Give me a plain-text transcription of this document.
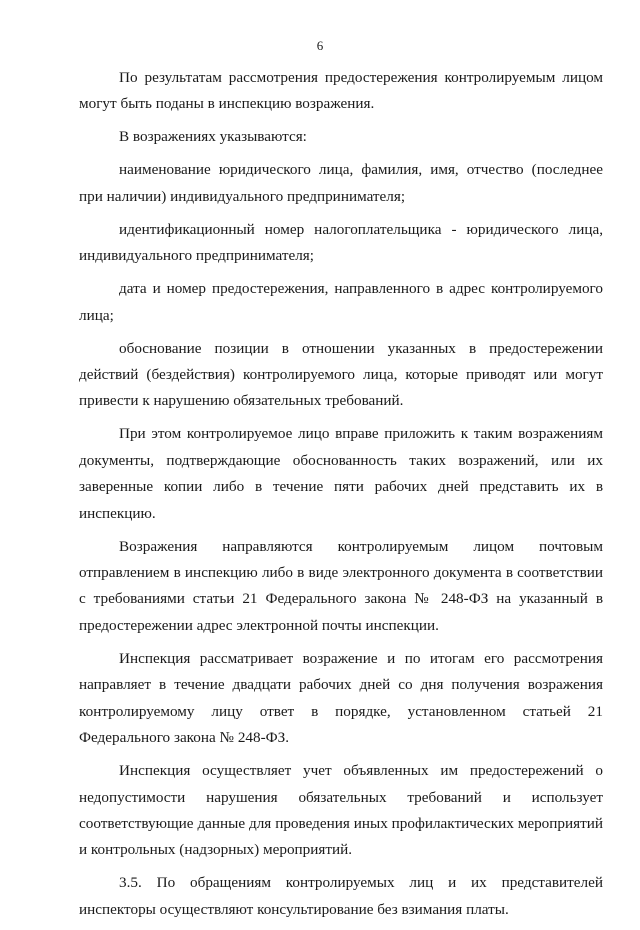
6

По результатам рассмотрения предостережения контролируемым лицом могут быть поданы в инспекцию возражения.

В возражениях указываются:

наименование юридического лица, фамилия, имя, отчество (последнее при наличии) индивидуального предпринимателя;

идентификационный номер налогоплательщика - юридического лица, индивидуального предпринимателя;

дата и номер предостережения, направленного в адрес контролируемого лица;

обоснование позиции в отношении указанных в предостережении действий (бездействия) контролируемого лица, которые приводят или могут привести к нарушению обязательных требований.

При этом контролируемое лицо вправе приложить к таким возражениям документы, подтверждающие обоснованность таких возражений, или их заверенные копии либо в течение пяти рабочих дней представить их в инспекцию.

Возражения направляются контролируемым лицом почтовым отправлением в инспекцию либо в виде электронного документа в соответствии с требованиями статьи 21 Федерального закона № 248-ФЗ на указанный в предостережении адрес электронной почты инспекции.

Инспекция рассматривает возражение и по итогам его рассмотрения направляет в течение двадцати рабочих дней со дня получения возражения контролируемому лицу ответ в порядке, установленном статьей 21 Федерального закона № 248-ФЗ.

Инспекция осуществляет учет объявленных им предостережений о недопустимости нарушения обязательных требований и использует соответствующие данные для проведения иных профилактических мероприятий и контрольных (надзорных) мероприятий.

3.5. По обращениям контролируемых лиц и их представителей инспекторы осуществляют консультирование без взимания платы.
